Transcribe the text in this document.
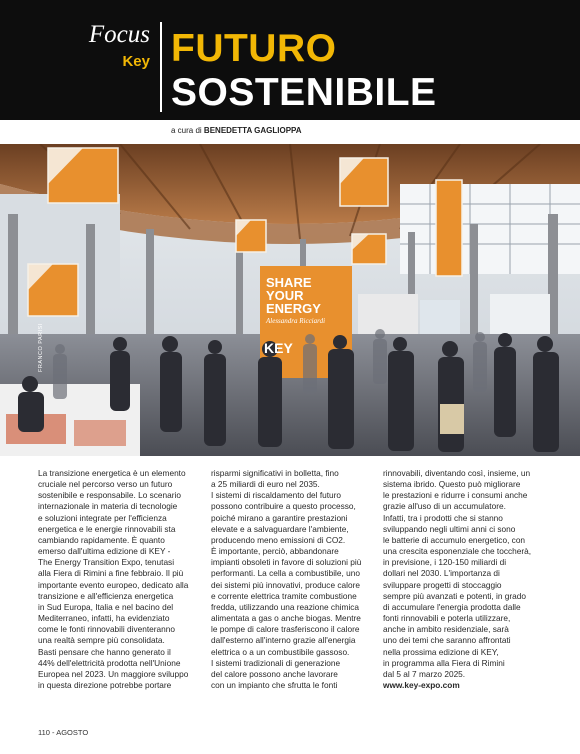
Focus
Key FUTURO
SOSTENIBILE
a cura di BENEDETTA GAGLIOPPA
SHARE
YOUR
ENERGY
Alessandra Ricciardi
KEY
FRANCO PARISI

La transizione energetica è un elemento

cruciale nel percorso verso un futuro

sostenibile e responsabile. Lo scenario

internazionale in materia di tecnologie

e soluzioni integrate per l'efficienza

energetica e le energie rinnovabili sta

cambiando rapidamente. È quanto

emerso dall'ultima edizione di KEY -

The Energy Transition Expo, tenutasi

alla Fiera di Rimini a fine febbraio. Il più

importante evento europeo, dedicato alla

transizione e all'efficienza energetica

in Sud Europa, Italia e nel bacino del

Mediterraneo, infatti, ha evidenziato

come le fonti rinnovabili diventeranno

una realtà sempre più consolidata.

Basti pensare che hanno generato il

44% dell'elettricità prodotta nell'Unione

Europea nel 2023. Un maggiore sviluppo

in questa direzione potrebbe portare

risparmi significativi in bolletta, fino

a 25 miliardi di euro nel 2035.

I sistemi di riscaldamento del futuro

possono contribuire a questo processo,

poiché mirano a garantire prestazioni

elevate e a salvaguardare l'ambiente,

producendo meno emissioni di CO2.

È importante, perciò, abbandonare

impianti obsoleti in favore di soluzioni più

performanti. La cella a combustibile, uno

dei sistemi più innovativi, produce calore

e corrente elettrica tramite combustione

fredda, utilizzando una reazione chimica

alimentata a gas o anche biogas. Mentre

le pompe di calore trasferiscono il calore

dall'esterno all'interno grazie all'energia

elettrica o a un combustibile gassoso.

I sistemi tradizionali di generazione

del calore possono anche lavorare

con un impianto che sfrutta le fonti

rinnovabili, diventando così, insieme, un

sistema ibrido. Questo può migliorare

le prestazioni e ridurre i consumi anche

grazie all'uso di un accumulatore.

Infatti, tra i prodotti che si stanno

sviluppando negli ultimi anni ci sono

le batterie di accumulo energetico, con

una crescita esponenziale che toccherà,

in previsione, i 120-150 miliardi di

dollari nel 2030. L'importanza di

sviluppare progetti di stoccaggio

sempre più avanzati e potenti, in grado

di accumulare l'energia prodotta dalle

fonti rinnovabili e poterla utilizzare,

anche in ambito residenziale, sarà

uno dei temi che saranno affrontati

nella prossima edizione di KEY,

in programma alla Fiera di Rimini

dal 5 al 7 marzo 2025.

www.key-expo.com

110 - AGOSTO
